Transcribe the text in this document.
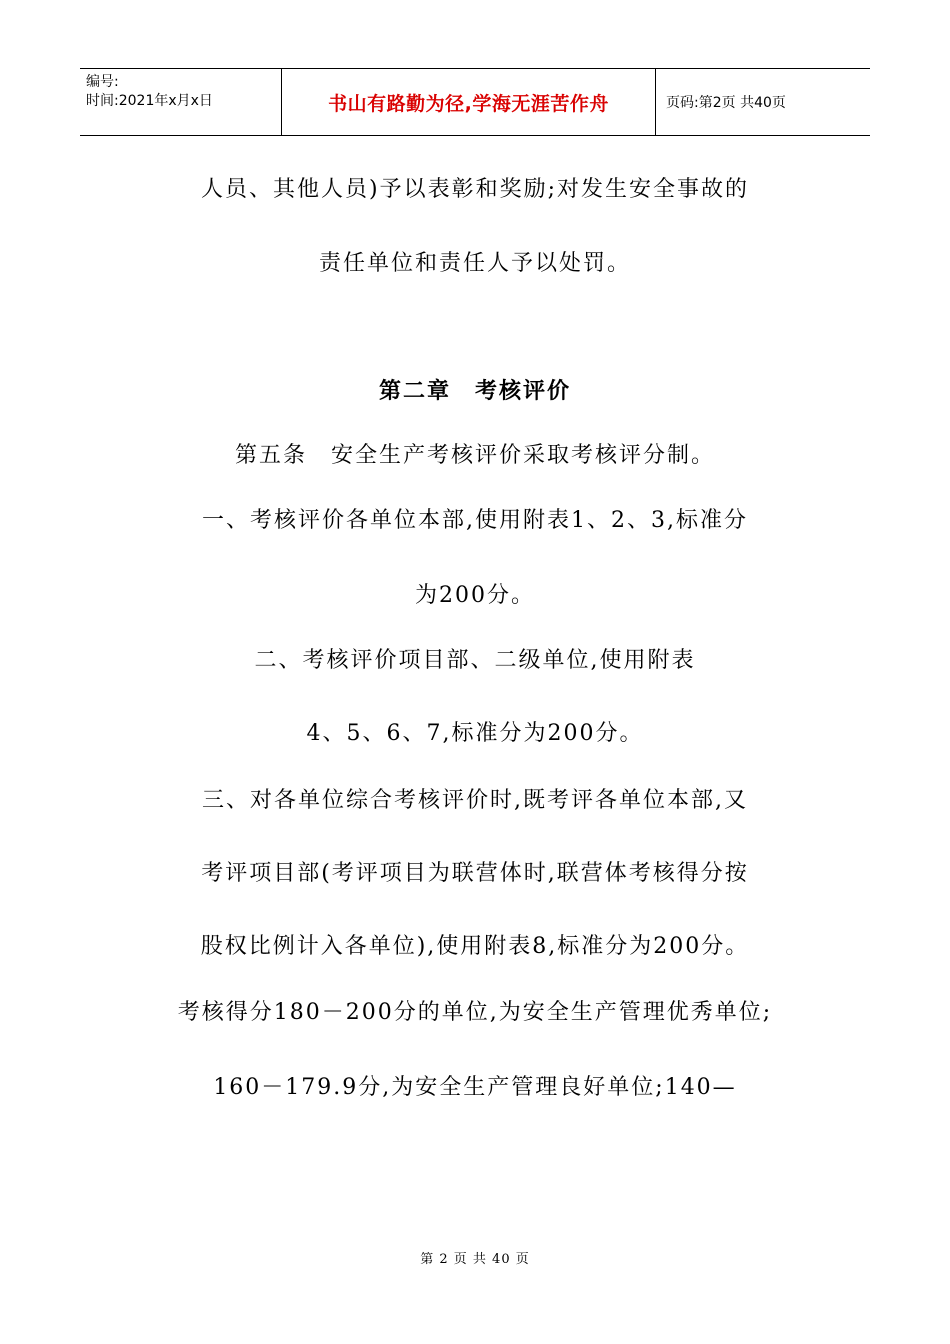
编号:
时间:2021年x月x日	书山有路勤为径,学海无涯苦作舟	页码:第2页 共40页
人员、其他人员)予以表彰和奖励;对发生安全事故的
责任单位和责任人予以处罚。
第二章　考核评价
第五条　安全生产考核评价采取考核评分制。
一、考核评价各单位本部,使用附表1、2、3,标准分
为200分。
二、考核评价项目部、二级单位,使用附表
4、5、6、7,标准分为200分。
三、对各单位综合考核评价时,既考评各单位本部,又
考评项目部(考评项目为联营体时,联营体考核得分按
股权比例计入各单位),使用附表8,标准分为200分。
考核得分180－200分的单位,为安全生产管理优秀单位;
160－179.9分,为安全生产管理良好单位;140—
第 2 页 共 40 页
